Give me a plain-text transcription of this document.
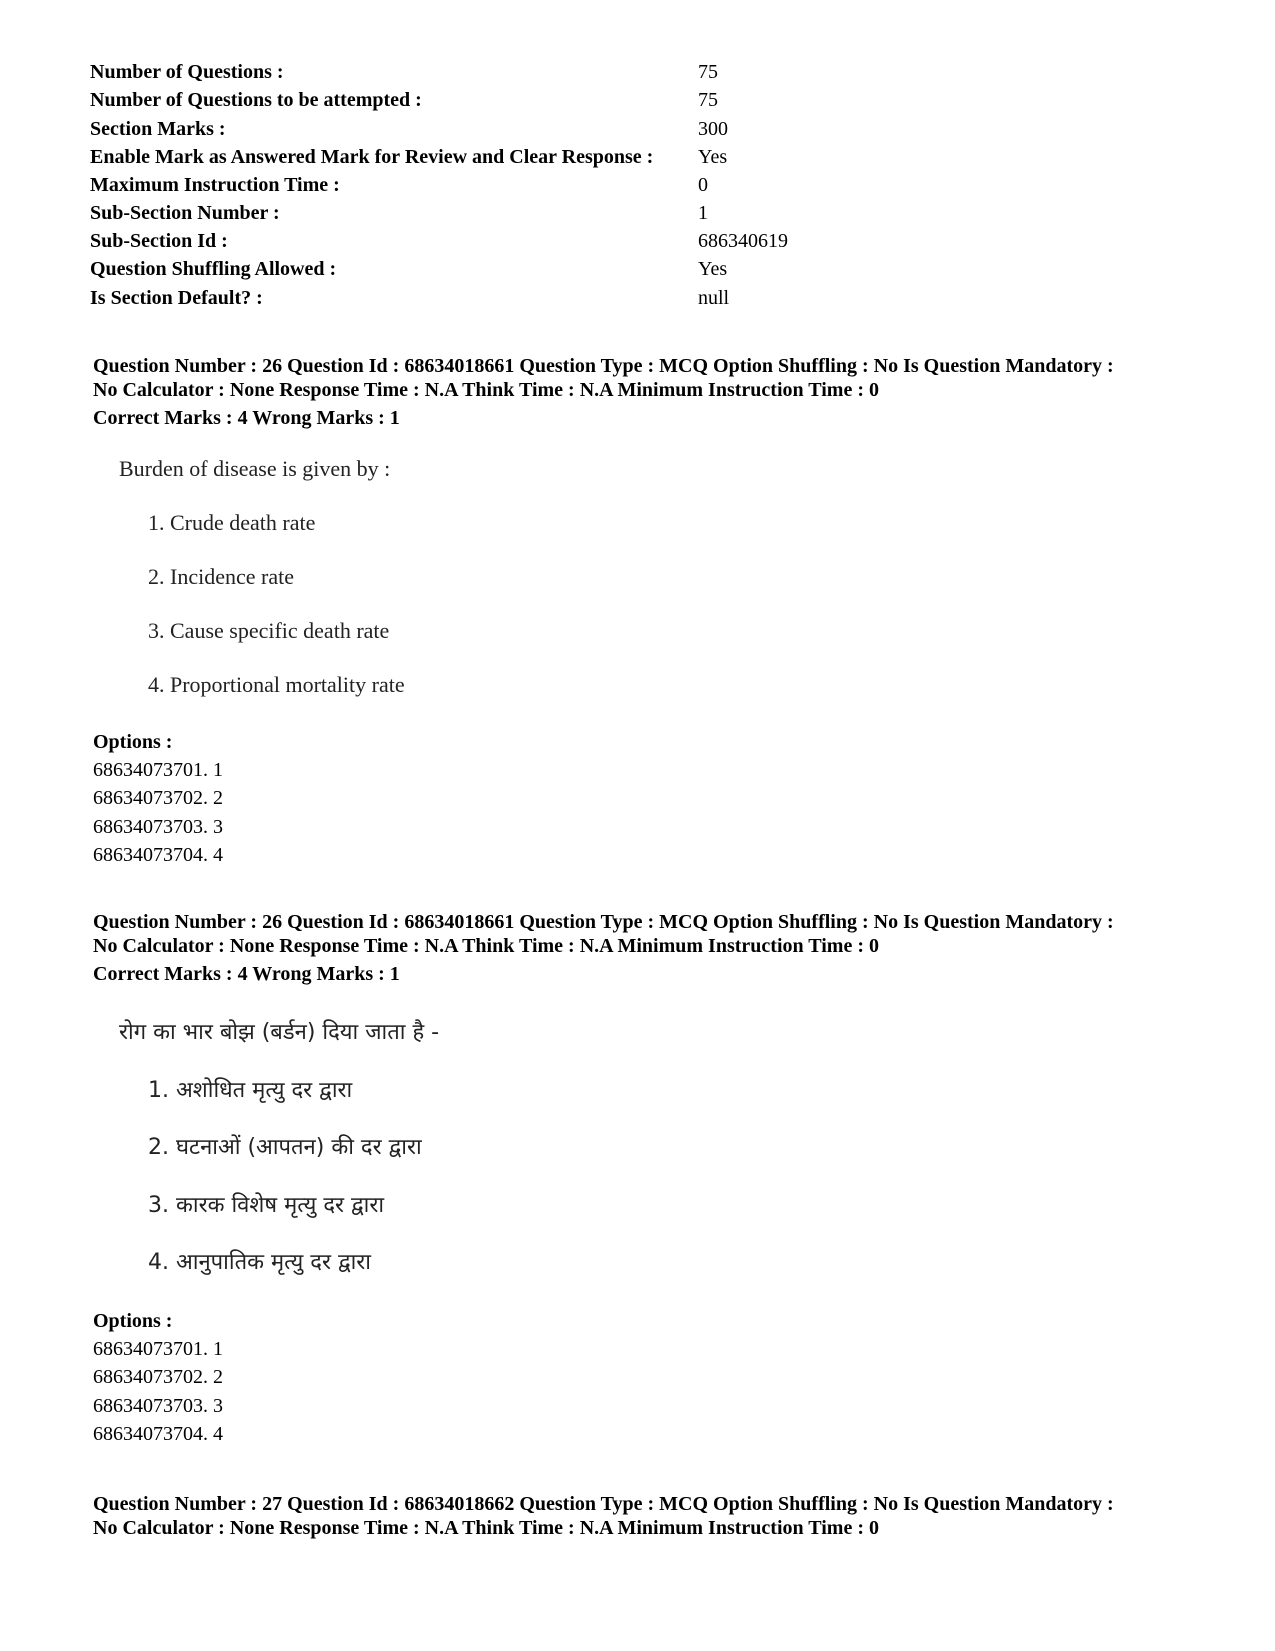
Number of Questions :	75
Number of Questions to be attempted :	75
Section Marks :	300
Enable Mark as Answered Mark for Review and Clear Response : Yes
Maximum Instruction Time :	0
Sub-Section Number :	1
Sub-Section Id :	686340619
Question Shuffling Allowed :	Yes
Is Section Default? :	null
Question Number : 26 Question Id : 68634018661 Question Type : MCQ Option Shuffling : No Is Question Mandatory :
No Calculator : None Response Time : N.A Think Time : N.A Minimum Instruction Time : 0
Correct Marks : 4 Wrong Marks : 1
Burden of disease is given by :
1. Crude death rate
2. Incidence rate
3. Cause specific death rate
4. Proportional mortality rate
Options :
68634073701. 1
68634073702. 2
68634073703. 3
68634073704. 4
Question Number : 26 Question Id : 68634018661 Question Type : MCQ Option Shuffling : No Is Question Mandatory :
No Calculator : None Response Time : N.A Think Time : N.A Minimum Instruction Time : 0
Correct Marks : 4 Wrong Marks : 1
रोग का भार बोझ (बर्डन) दिया जाता है -
1. अशोधित मृत्यु दर द्वारा
2. घटनाओं (आपतन) की दर द्वारा
3. कारक विशेष मृत्यु दर द्वारा
4. आनुपातिक मृत्यु दर द्वारा
Options :
68634073701. 1
68634073702. 2
68634073703. 3
68634073704. 4
Question Number : 27 Question Id : 68634018662 Question Type : MCQ Option Shuffling : No Is Question Mandatory :
No Calculator : None Response Time : N.A Think Time : N.A Minimum Instruction Time : 0
